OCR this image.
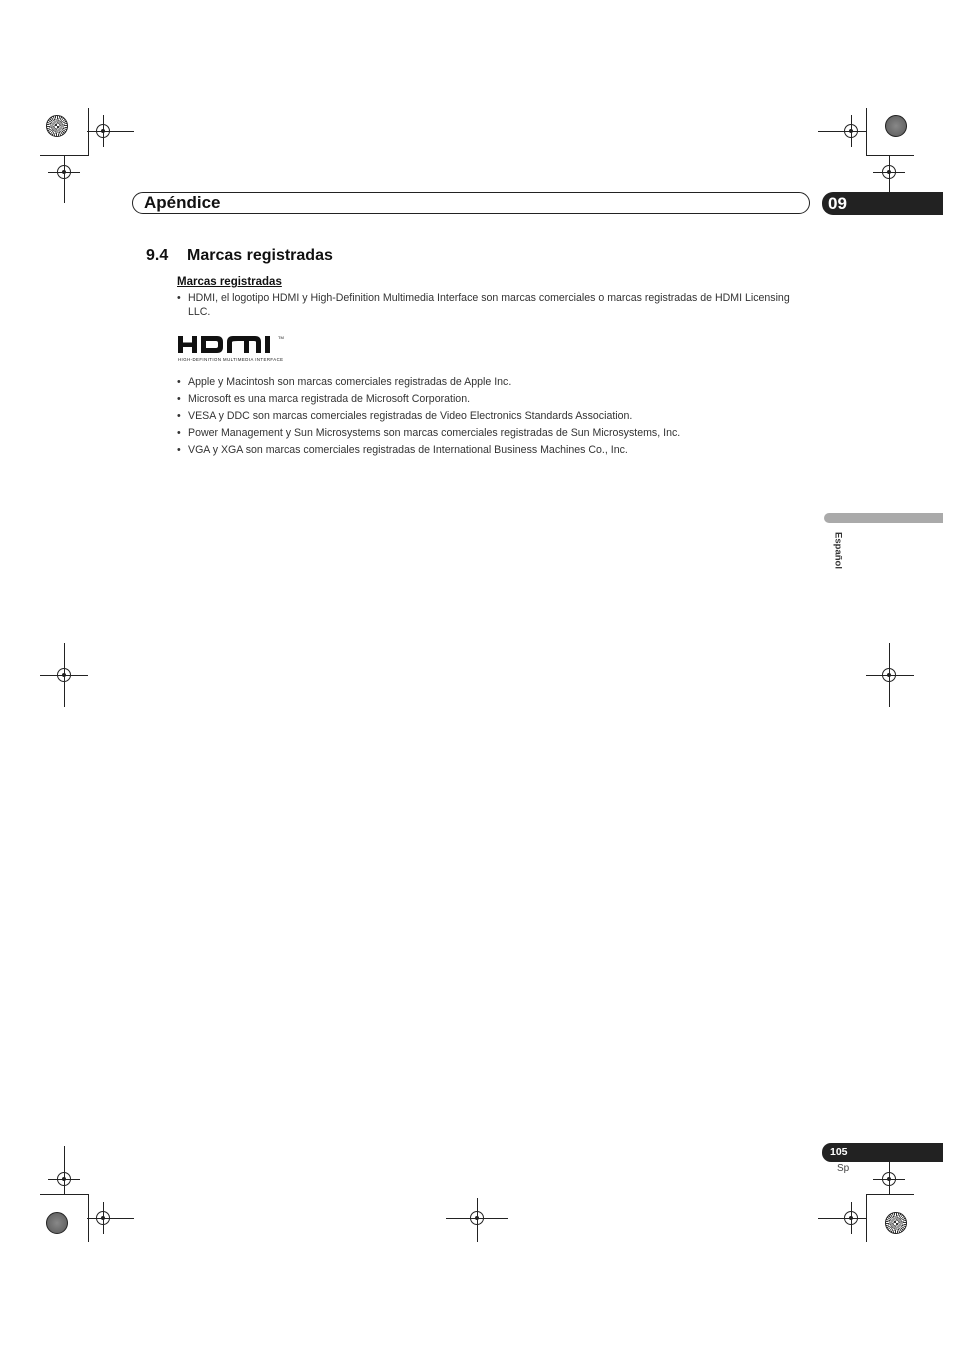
Apéndice	09
9.4 Marcas registradas
Marcas registradas
• HDMI, el logotipo HDMI y High-Definition Multimedia Interface son marcas comerciales o marcas registradas de HDMI Licensing LLC.
TM
HIGH-DEFINITION MULTIMEDIA INTERFACE
• Apple y Macintosh son marcas comerciales registradas de Apple Inc.
• Microsoft es una marca registrada de Microsoft Corporation.
• VESA y DDC son marcas comerciales registradas de Video Electronics Standards Association.
• Power Management y Sun Microsystems son marcas comerciales registradas de Sun Microsystems, Inc.
• VGA y XGA son marcas comerciales registradas de International Business Machines Co., Inc.
Español
105
Sp
